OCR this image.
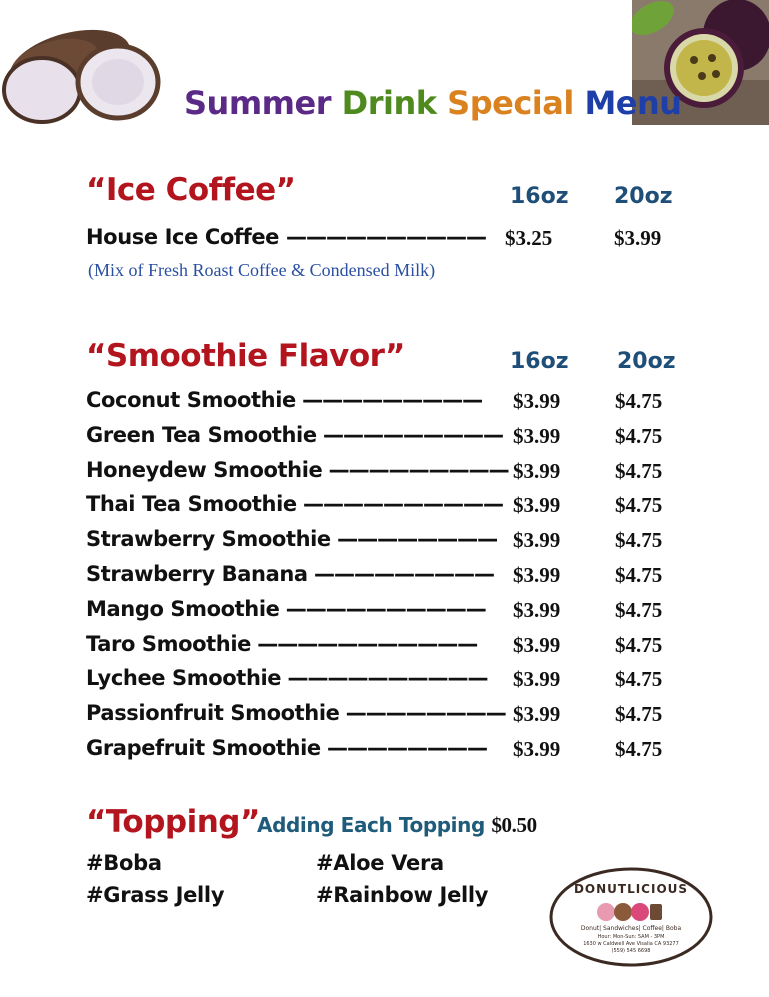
Summer Drink Special Menu
“Ice Coffee”	16oz 20oz
House Ice Coffee —————————— $3.25	$3.99
(Mix of Fresh Roast Coffee & Condensed Milk)
“Smoothie Flavor”	16oz 20oz
Coconut Smoothie ————————— $3.99	$4.75
Green Tea Smoothie ————————— $3.99	$4.75
Honeydew Smoothie ————————— $3.99	$4.75
Thai Tea Smoothie —————————— $3.99	$4.75
Strawberry Smoothie ———————— $3.99	$4.75
Strawberry Banana ————————— $3.99	$4.75
Mango Smoothie —————————— $3.99	$4.75
Taro Smoothie ——————————— $3.99	$4.75
Lychee Smoothie —————————— $3.99	$4.75
Passionfruit Smoothie ———————— $3.99	$4.75
Grapefruit Smoothie ———————— $3.99	$4.75
“Topping”
Adding Each Topping $0.50
#Boba	#Aloe Vera
#Grass Jelly	#Rainbow Jelly	DONUTLICIOUS
Donut| Sandwiches| Coffee| Boba
Hour: Mon-Sun: 5AM - 3PM
1630 w Caldwell Ave Visalia CA 93277
(559) 545 6698
